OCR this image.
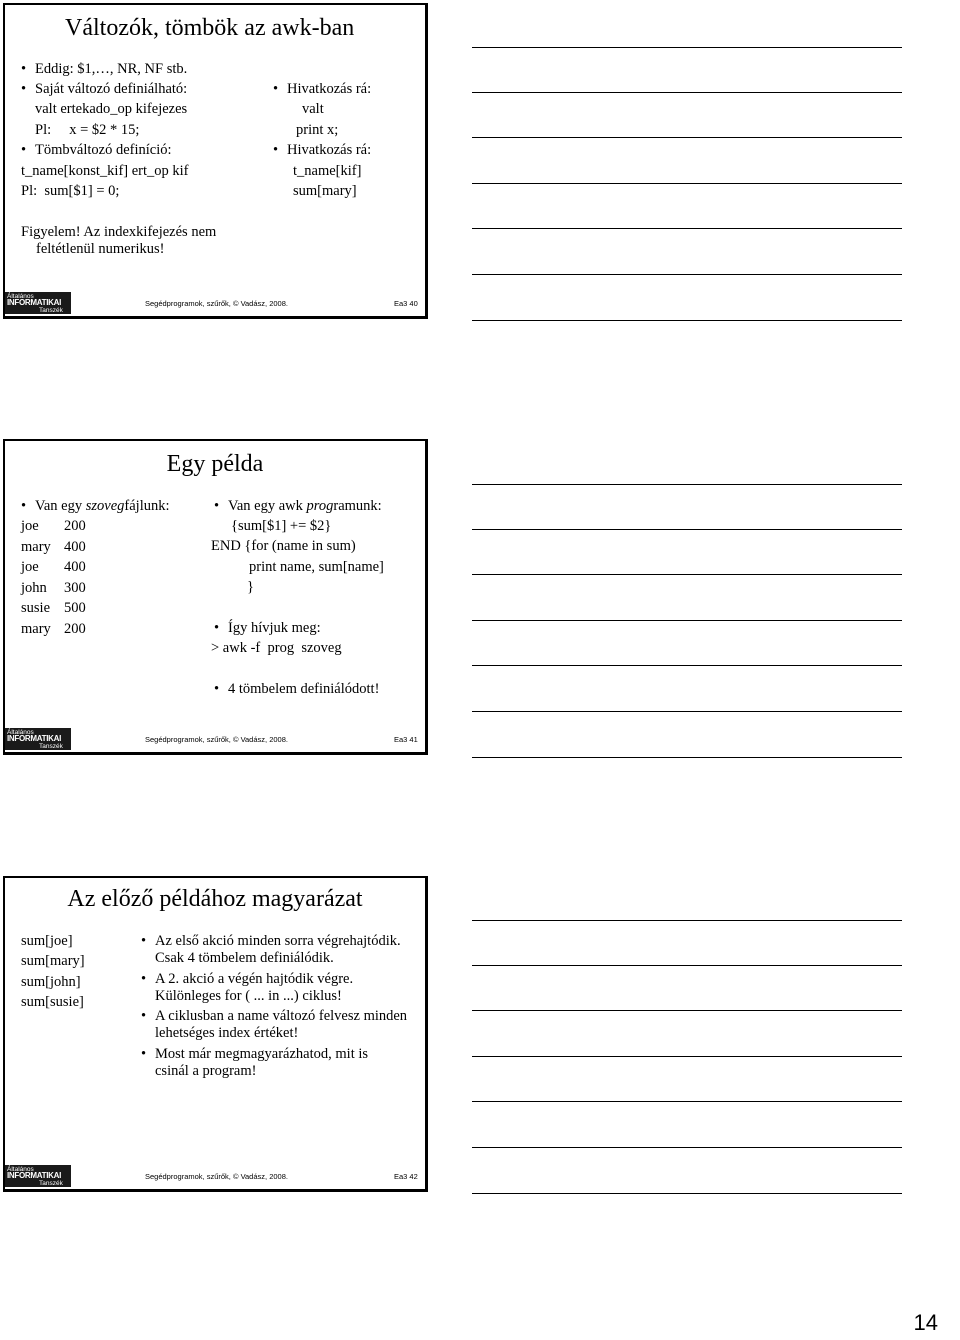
Változók, tömbök az awk-ban
• Eddig: $1,…, NR, NF stb.
• Saját változó definiálható:
valt ertekado_op kifejezes
Pl:     x = $2 * 15;
• Tömbváltozó definíció:
t_name[konst_kif] ert_op kif
Pl:  sum[$1] = 0;
• Hivatkozás rá:
valt
print x;
• Hivatkozás rá:
t_name[kif]
sum[mary]
Figyelem! Az indexkifejezés nem
feltétlenül numerikus!
Általános
INFORMATIKAI
Tanszék
Segédprogramok, szűrők, © Vadász, 2008.	Ea3 40
Egy példa
• Van egy szovegfájlunk:
•	Van egy awk programunk:
{sum[$1] += $2}
END {for (name in sum)
print name, sum[name]
}
• Így hívjuk meg:
> awk -f  prog  szoveg
• 4 tömbelem definiálódott!
Általános
INFORMATIKAI
Tanszék
Segédprogramok, szűrők, © Vadász, 2008.	Ea3 41
joe 200
mary 400
joe 400
john 300
susie 500
mary 200
Az előző példához magyarázat
sum[joe]
sum[mary]
sum[john]
sum[susie]
• Az első akció minden sorra végrehajtódik.
Csak 4 tömbelem definiálódik.
• A 2. akció a végén hajtódik végre.
Különleges for ( ... in ...) ciklus!
• A ciklusban a name változó felvesz minden
lehetséges index értéket!
• Most már megmagyarázhatod, mit is
csinál a program!
Általános
INFORMATIKAI
Tanszék
Segédprogramok, szűrők, © Vadász, 2008.	Ea3 42
14
